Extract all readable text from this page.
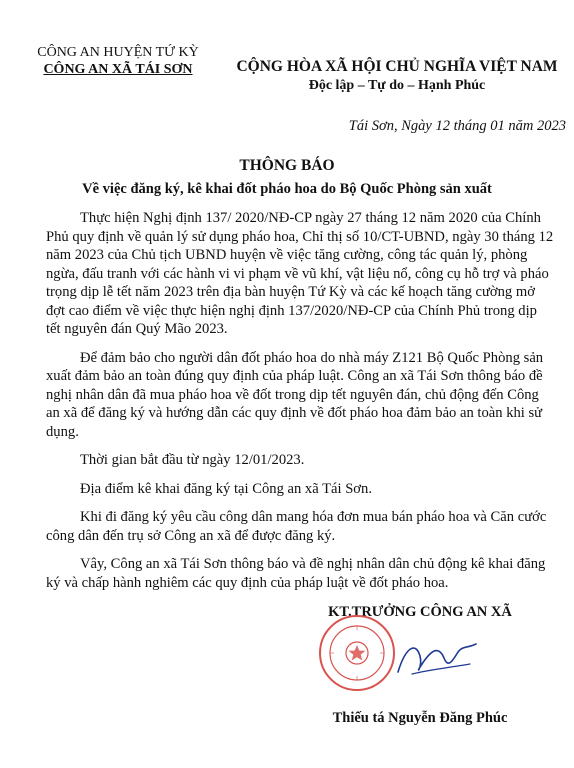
CÔNG AN HUYỆN TỨ KỲ
CÔNG AN XÃ TÁI SƠN	CỘNG HÒA XÃ HỘI CHỦ NGHĨA VIỆT NAM
Độc lập – Tự do – Hạnh Phúc
Tái Sơn, Ngày 12 tháng 01 năm 2023
THÔNG BÁO
Về việc đăng ký, kê khai đốt pháo hoa do Bộ Quốc Phòng sản xuất

Thực hiện Nghị định 137/ 2020/NĐ-CP ngày 27 tháng 12 năm 2020 của Chính Phủ quy định về quản lý sử dụng pháo hoa, Chỉ thị số 10/CT-UBND, ngày 30 tháng 12 năm 2023 của Chủ tịch UBND huyện về việc tăng cường, công tác quản lý, phòng ngừa, đấu tranh với các hành vi vi phạm về vũ khí, vật liệu nổ, công cụ hỗ trợ và pháo trọng dịp lễ tết năm 2023 trên địa bàn huyện Tứ Kỳ và các kế hoạch tăng cường mở đợt cao điểm về việc thực hiện nghị định 137/2020/NĐ-CP của Chính Phủ trong dịp tết nguyên đán Quý Mão 2023.

Để đảm bảo cho người dân đốt pháo hoa do nhà máy Z121 Bộ Quốc Phòng sản xuất đảm bảo an toàn đúng quy định của pháp luật. Công an xã Tái Sơn thông báo đề nghị nhân dân đã mua pháo hoa về đốt trong dịp tết nguyên đán, chủ động đến Công an xã để đăng ký và hướng dẫn các quy định về đốt pháo hoa đảm bảo an toàn khi sử dụng.

Thời gian bắt đầu từ ngày 12/01/2023.

Địa điểm kê khai đăng ký tại Công an xã Tái Sơn.

Khi đi đăng ký yêu cầu công dân mang hóa đơn mua bán pháo hoa và Căn cước công dân đến trụ sở Công an xã để được đăng ký.

Vây, Công an xã Tái Sơn thông báo và đề nghị nhân dân chủ động kê khai đăng ký và chấp hành nghiêm các quy định của pháp luật về đốt pháo hoa.

KT.TRƯỞNG CÔNG AN XÃ
Thiếu tá Nguyễn Đăng Phúc
